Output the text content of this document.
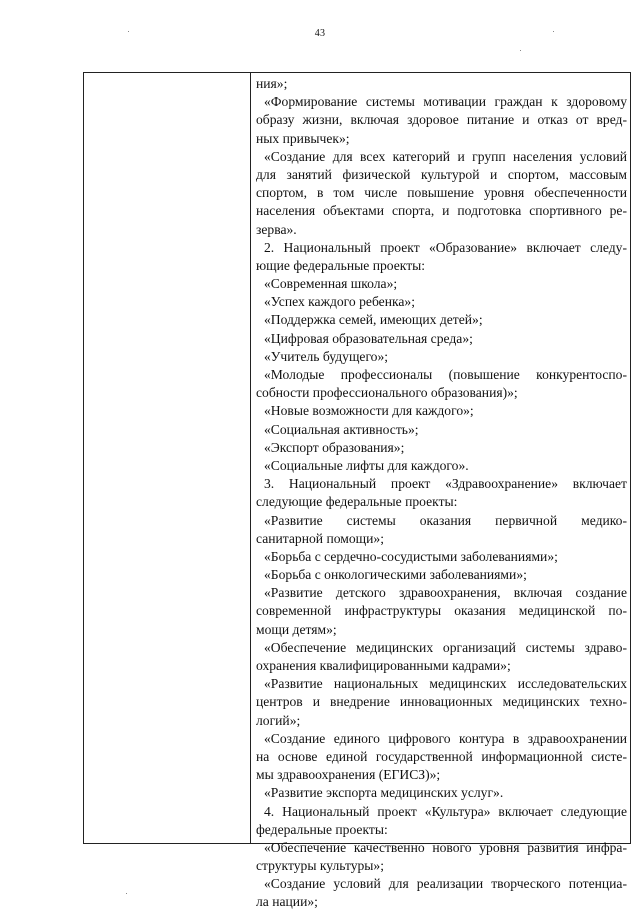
43
ния»;
«Формирование системы мотивации граждан к здоровому
образу жизни, включая здоровое питание и отказ от вред-
ных привычек»;
«Создание для всех категорий и групп населения условий
для занятий физической культурой и спортом, массовым
спортом, в том числе повышение уровня обеспеченности
населения объектами спорта, и подготовка спортивного ре-
зерва».
2. Национальный проект «Образование» включает следу-
ющие федеральные проекты:
«Современная школа»;
«Успех каждого ребенка»;
«Поддержка семей, имеющих детей»;
«Цифровая образовательная среда»;
«Учитель будущего»;
«Молодые профессионалы (повышение конкурентоспо-
собности профессионального образования)»;
«Новые возможности для каждого»;
«Социальная активность»;
«Экспорт образования»;
«Социальные лифты для каждого».
3. Национальный проект «Здравоохранение» включает
следующие федеральные проекты:
«Развитие системы оказания первичной медико-
санитарной помощи»;
«Борьба с сердечно-сосудистыми заболеваниями»;
«Борьба с онкологическими заболеваниями»;
«Развитие детского здравоохранения, включая создание
современной инфраструктуры оказания медицинской по-
мощи детям»;
«Обеспечение медицинских организаций системы здраво-
охранения квалифицированными кадрами»;
«Развитие национальных медицинских исследовательских
центров и внедрение инновационных медицинских техно-
логий»;
«Создание единого цифрового контура в здравоохранении
на основе единой государственной информационной систе-
мы здравоохранения (ЕГИСЗ)»;
«Развитие экспорта медицинских услуг».
4. Национальный проект «Культура» включает следующие
федеральные проекты:
«Обеспечение качественно нового уровня развития инфра-
структуры культуры»;
«Создание условий для реализации творческого потенциа-
ла нации»;
